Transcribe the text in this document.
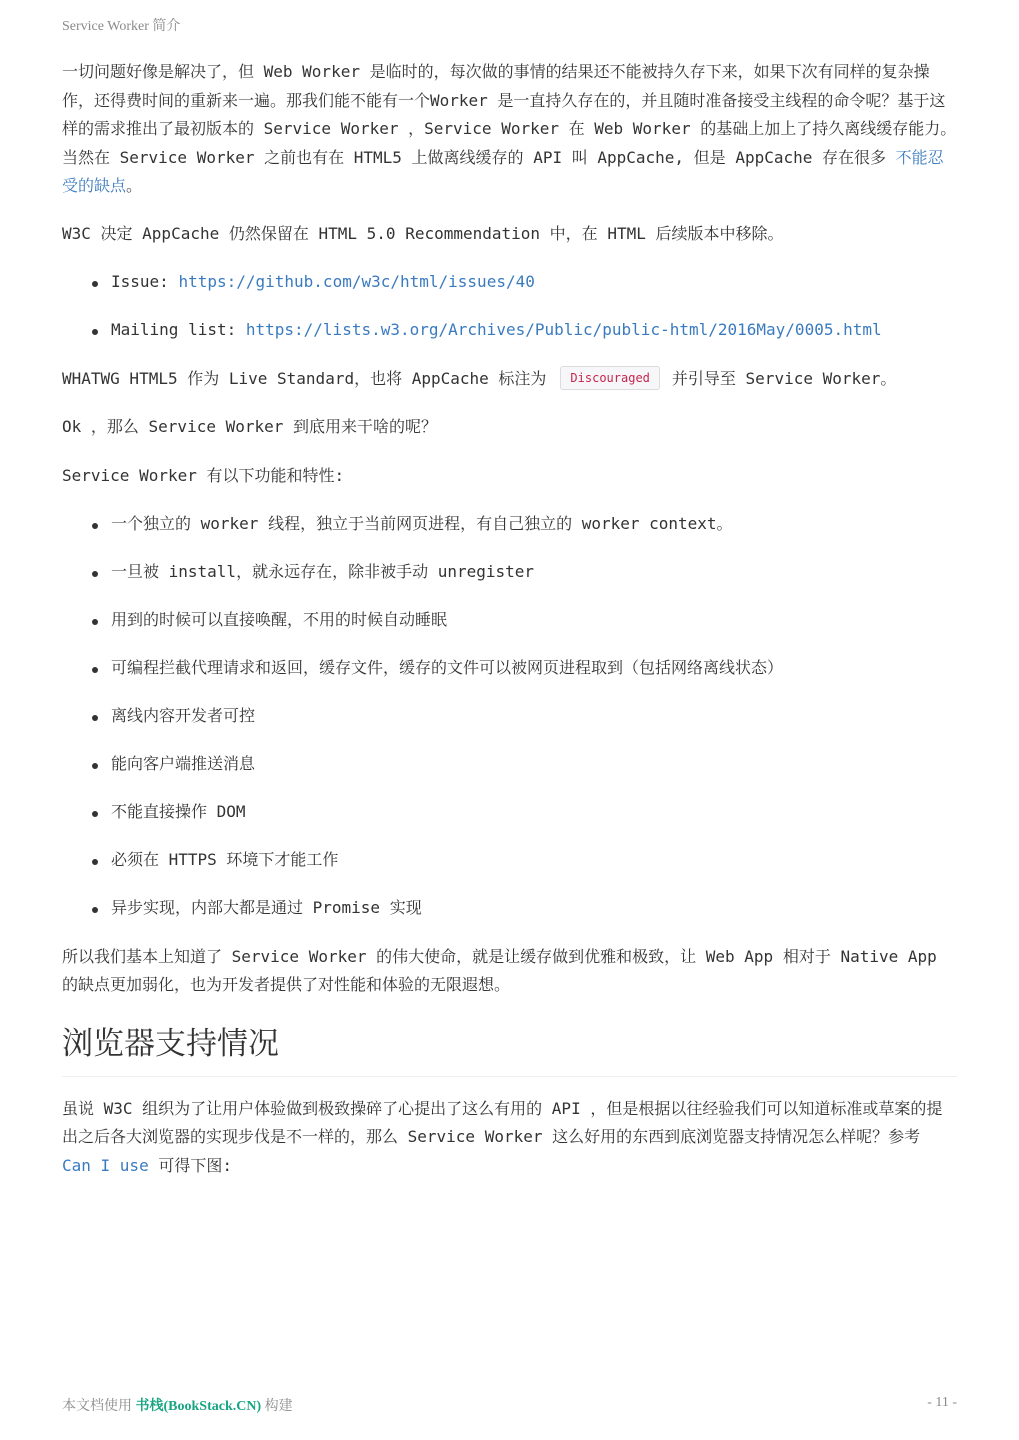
Service Worker 简介

一切问题好像是解决了，但 Web Worker 是临时的，每次做的事情的结果还不能被持久存下来，如果下次有同样的复杂操作，还得费时间的重新来一遍。那我们能不能有一个Worker 是一直持久存在的，并且随时准备接受主线程的命令呢？基于这样的需求推出了最初版本的 Service Worker ，Service Worker 在 Web Worker 的基础上加上了持久离线缓存能力。当然在 Service Worker 之前也有在 HTML5 上做离线缓存的 API 叫 AppCache, 但是 AppCache 存在很多 不能忍受的缺点。

W3C 决定 AppCache 仍然保留在 HTML 5.0 Recommendation 中，在 HTML 后续版本中移除。

Issue: https://github.com/w3c/html/issues/40
Mailing list: https://lists.w3.org/Archives/Public/public-html/2016May/0005.html

WHATWG HTML5 作为 Live Standard，也将 AppCache 标注为 Discouraged 并引导至 Service Worker。

Ok ，那么 Service Worker 到底用来干啥的呢？

Service Worker 有以下功能和特性:

一个独立的 worker 线程，独立于当前网页进程，有自己独立的 worker context。
一旦被 install，就永远存在，除非被手动 unregister
用到的时候可以直接唤醒，不用的时候自动睡眠
可编程拦截代理请求和返回，缓存文件，缓存的文件可以被网页进程取到（包括网络离线状态）
离线内容开发者可控
能向客户端推送消息
不能直接操作 DOM
必须在 HTTPS 环境下才能工作
异步实现，内部大都是通过 Promise 实现

所以我们基本上知道了 Service Worker 的伟大使命，就是让缓存做到优雅和极致，让 Web App 相对于 Native App
的缺点更加弱化，也为开发者提供了对性能和体验的无限遐想。

浏览器支持情况

虽说 W3C 组织为了让用户体验做到极致操碎了心提出了这么有用的 API ，但是根据以往经验我们可以知道标准或草案的提出之后各大浏览器的实现步伐是不一样的，那么 Service Worker 这么好用的东西到底浏览器支持情况怎么样呢？参考 Can I use 可得下图:

本文档使用 书栈(BookStack.CN) 构建	- 11 -
